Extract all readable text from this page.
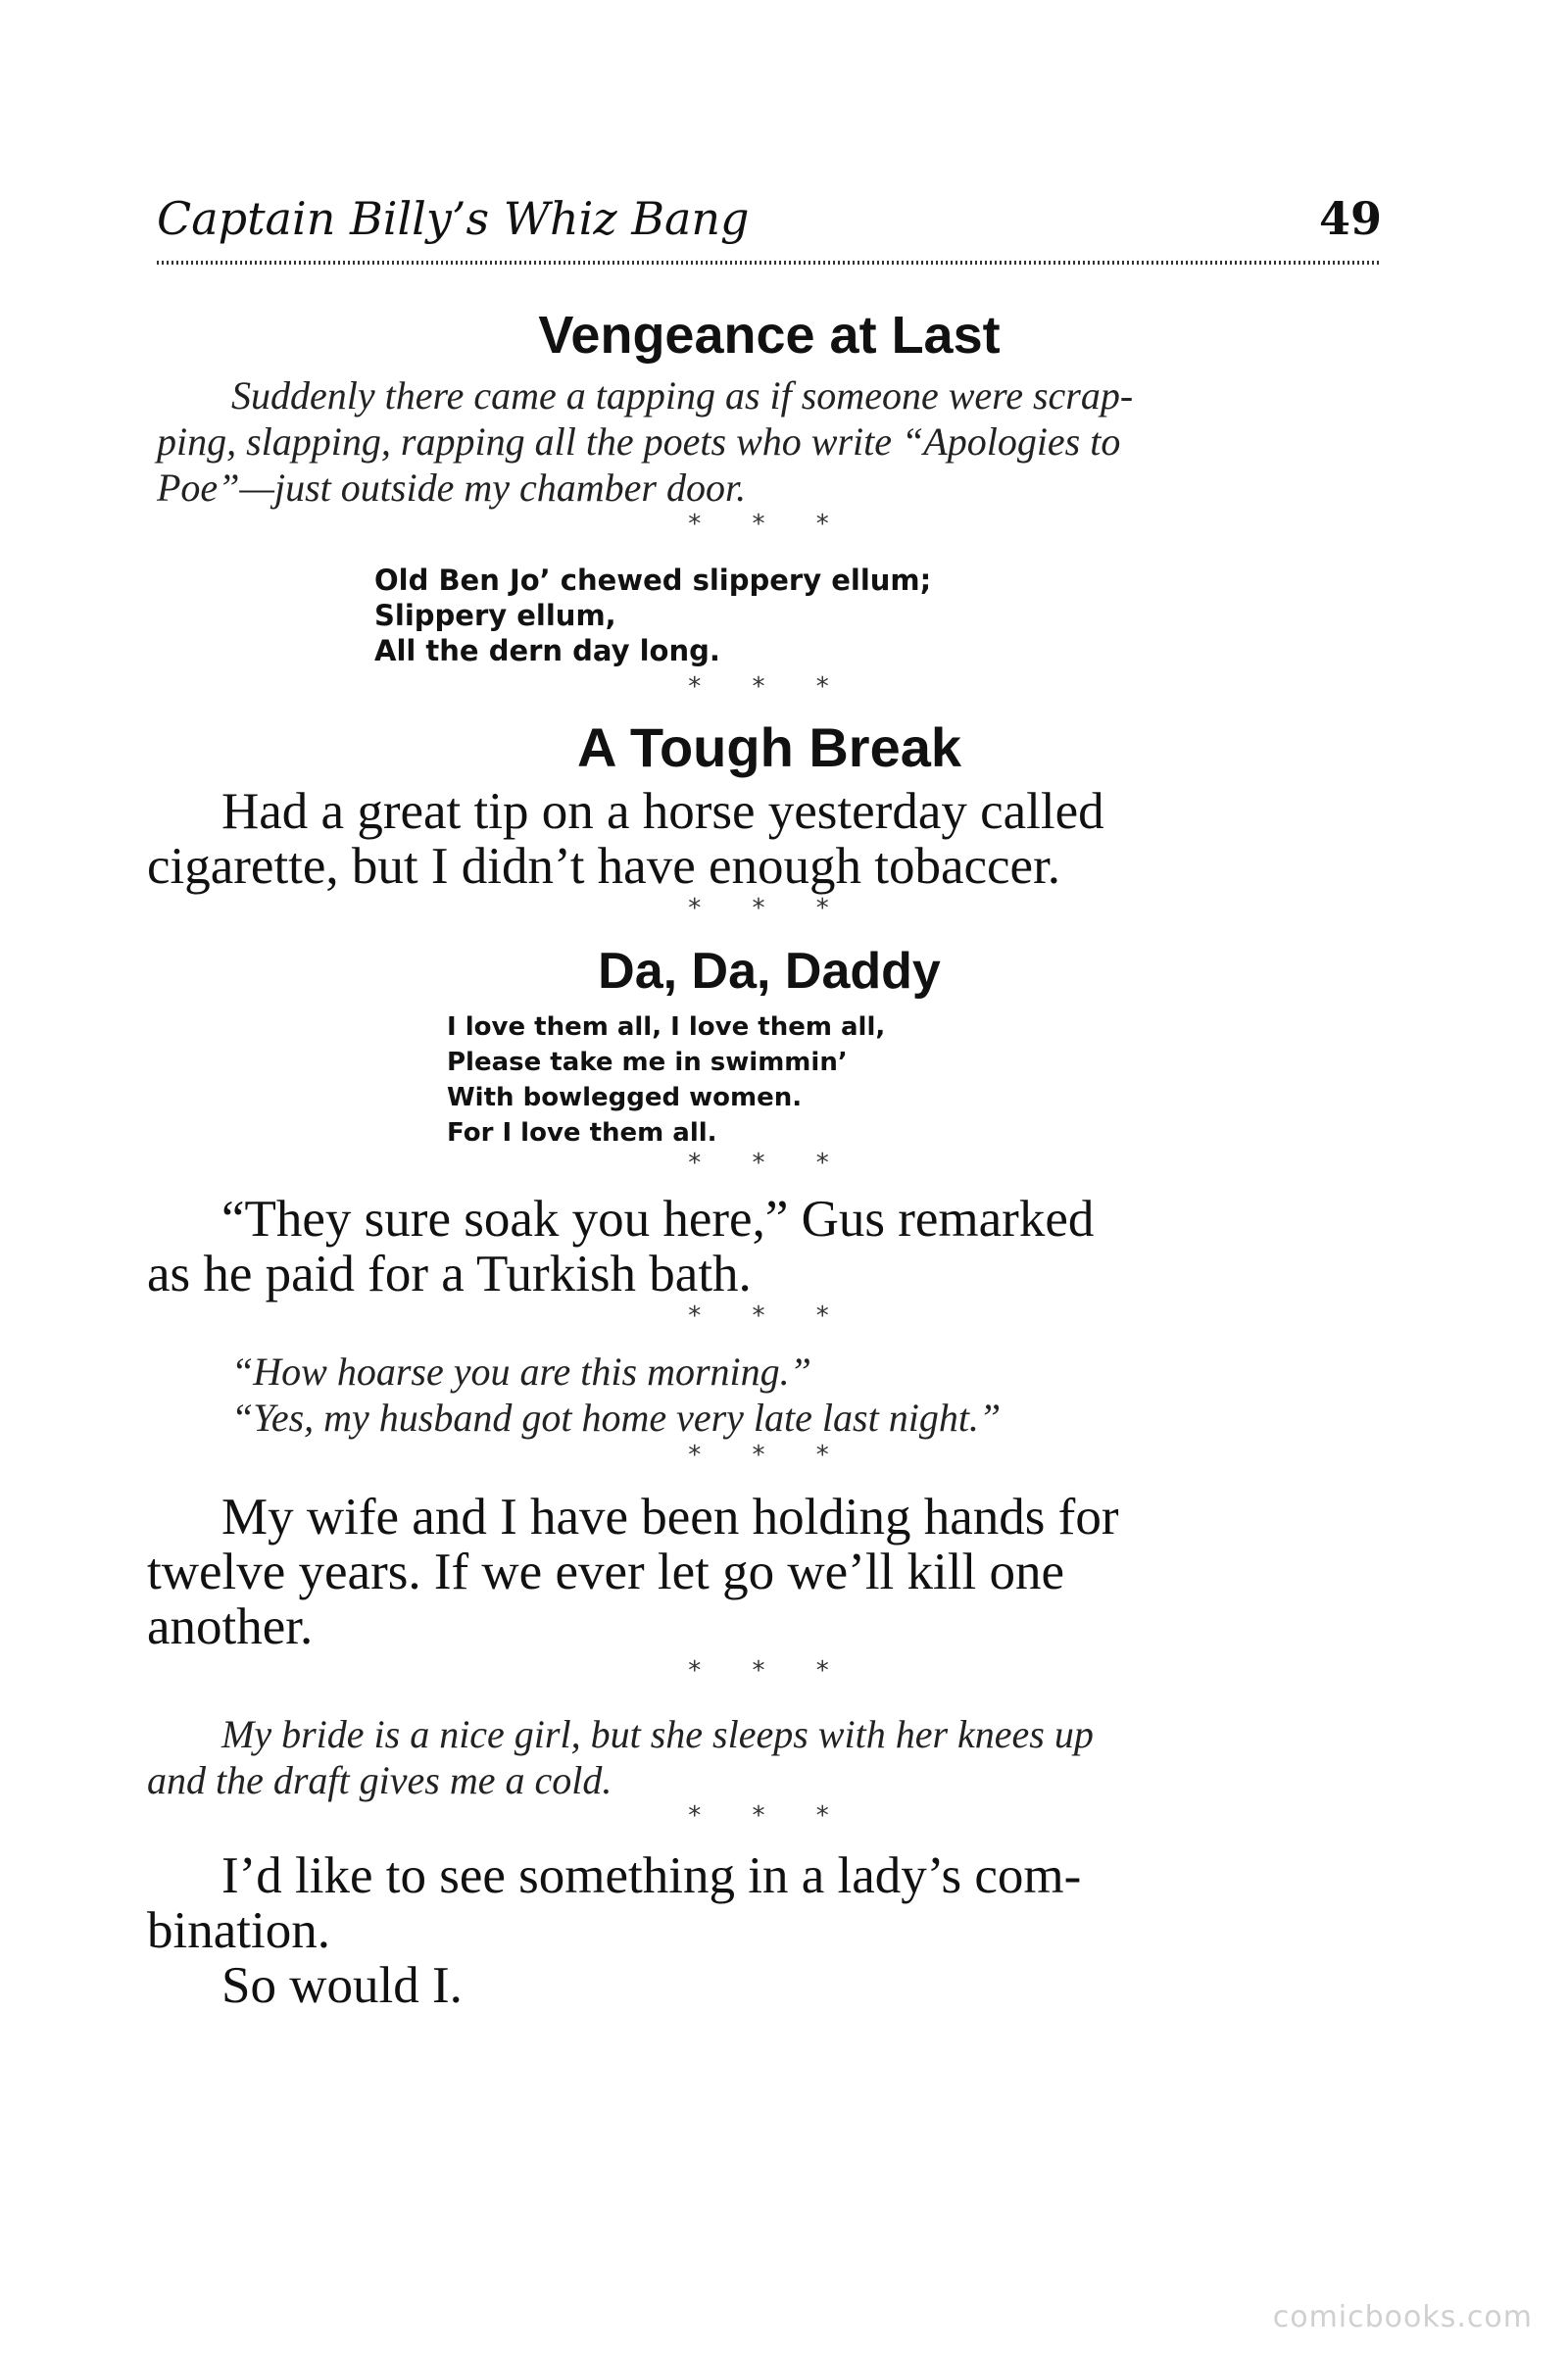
Captain Billy’s Whiz Bang	49
Vengeance at Last
Suddenly there came a tapping as if someone were scrap-
ping, slapping, rapping all the poets who write “Apologies to
Poe”—just outside my chamber door.
* * *
Old Ben Jo’ chewed slippery ellum;
Slippery ellum,
All the dern day long.
* * *
A Tough Break
Had a great tip on a horse yesterday called
cigarette, but I didn’t have enough tobaccer.
* * *
Da, Da, Daddy
I love them all, I love them all,
Please take me in swimmin’
With bowlegged women.
For I love them all.
* * *
“They sure soak you here,” Gus remarked
as he paid for a Turkish bath.
* * *
“How hoarse you are this morning.”
“Yes, my husband got home very late last night.”
* * *
My wife and I have been holding hands for
twelve years. If we ever let go we’ll kill one
another.
* * *
My bride is a nice girl, but she sleeps with her knees up
and the draft gives me a cold.
* * *
I’d like to see something in a lady’s com-
bination.
So would I.
comicbooks.com
